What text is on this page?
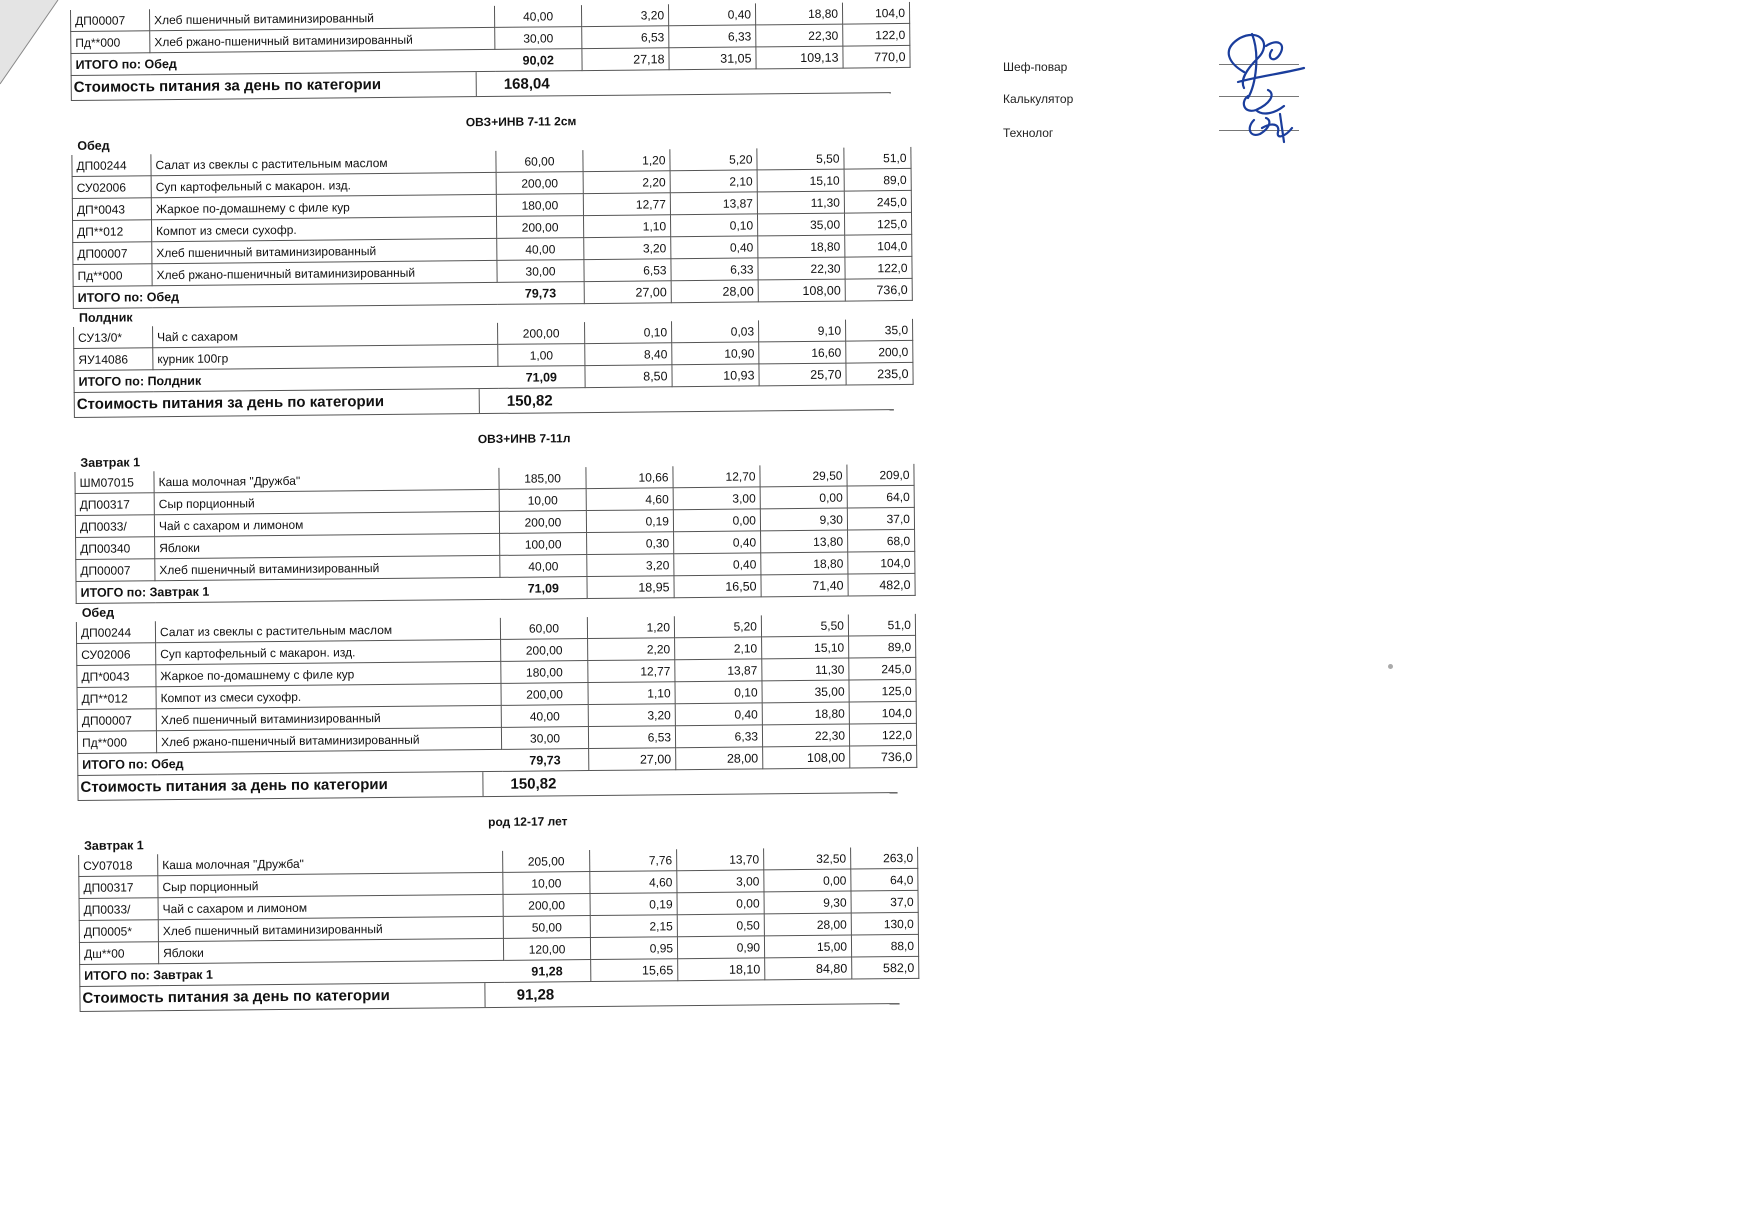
ДП00007	Хлеб пшеничный витаминизированный	40,00	3,20	0,40	18,80	104,0
Пд**000	Хлеб ржано-пшеничный витаминизированный	30,00	6,53	6,33	22,30	122,0
ИТОГО по: Обед		90,02	27,18	31,05	109,13	770,0
Стоимость питания за день по категории	168,04
ОВЗ+ИНВ 7-11 2см
Обед
ДП00244	Салат из свеклы с растительным маслом	60,00	1,20	5,20	5,50	51,0
СУ02006	Суп картофельный с макарон. изд.	200,00	2,20	2,10	15,10	89,0
ДП*0043	Жаркое по-домашнему с филе кур	180,00	12,77	13,87	11,30	245,0
ДП**012	Компот из смеси сухофр.	200,00	1,10	0,10	35,00	125,0
ДП00007	Хлеб пшеничный витаминизированный	40,00	3,20	0,40	18,80	104,0
Пд**000	Хлеб ржано-пшеничный витаминизированный	30,00	6,53	6,33	22,30	122,0
ИТОГО по: Обед		79,73	27,00	28,00	108,00	736,0
Полдник
СУ13/0*	Чай с сахаром	200,00	0,10	0,03	9,10	35,0
ЯУ14086	курник 100гр	1,00	8,40	10,90	16,60	200,0
ИТОГО по: Полдник		71,09	8,50	10,93	25,70	235,0
Стоимость питания за день по категории	150,82
ОВЗ+ИНВ 7-11л
Завтрак 1
ШМ07015	Каша молочная "Дружба"	185,00	10,66	12,70	29,50	209,0
ДП00317	Сыр порционный	10,00	4,60	3,00	0,00	64,0
ДП0033/	Чай с сахаром и лимоном	200,00	0,19	0,00	9,30	37,0
ДП00340	Яблоки	100,00	0,30	0,40	13,80	68,0
ДП00007	Хлеб пшеничный витаминизированный	40,00	3,20	0,40	18,80	104,0
ИТОГО по: Завтрак 1		71,09	18,95	16,50	71,40	482,0
Обед
ДП00244	Салат из свеклы с растительным маслом	60,00	1,20	5,20	5,50	51,0
СУ02006	Суп картофельный с макарон. изд.	200,00	2,20	2,10	15,10	89,0
ДП*0043	Жаркое по-домашнему с филе кур	180,00	12,77	13,87	11,30	245,0
ДП**012	Компот из смеси сухофр.	200,00	1,10	0,10	35,00	125,0
ДП00007	Хлеб пшеничный витаминизированный	40,00	3,20	0,40	18,80	104,0
Пд**000	Хлеб ржано-пшеничный витаминизированный	30,00	6,53	6,33	22,30	122,0
ИТОГО по: Обед		79,73	27,00	28,00	108,00	736,0
Стоимость питания за день по категории	150,82
род 12-17 лет
Завтрак 1
СУ07018	Каша молочная "Дружба"	205,00	7,76	13,70	32,50	263,0
ДП00317	Сыр порционный	10,00	4,60	3,00	0,00	64,0
ДП0033/	Чай с сахаром и лимоном	200,00	0,19	0,00	9,30	37,0
ДП0005*	Хлеб пшеничный витаминизированный	50,00	2,15	0,50	28,00	130,0
Дш**00	Яблоки	120,00	0,95	0,90	15,00	88,0
ИТОГО по: Завтрак 1		91,28	15,65	18,10	84,80	582,0
Стоимость питания за день по категории	91,28
Шеф-повар
Калькулятор
Технолог
